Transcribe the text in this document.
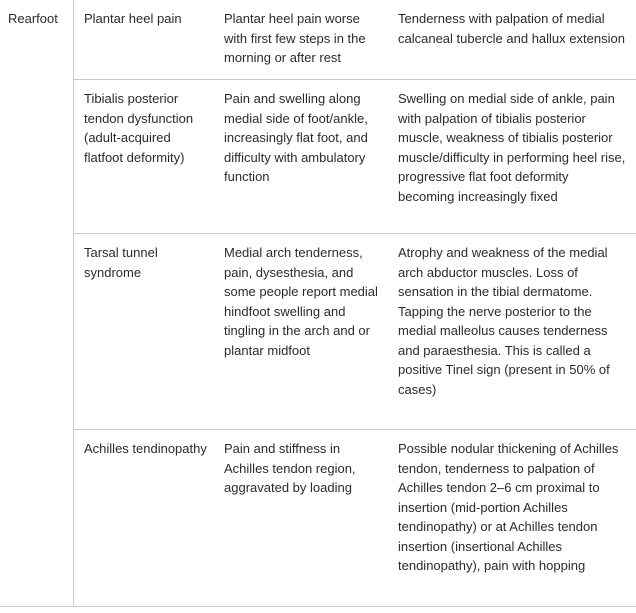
Rearfoot Plantar heel pain	Plantar heel pain worse with first few steps in the morning or after rest
Tenderness with palpation of medial calcaneal tubercle and hallux extension
Tibialis posterior tendon dysfunction (adult-acquired flatfoot deformity)
Pain and swelling along medial side of foot/ankle, increasingly flat foot, and difficulty with ambulatory function
Swelling on medial side of ankle, pain with palpation of tibialis posterior muscle, weakness of tibialis posterior muscle/difficulty in performing heel rise, progressive flat foot deformity becoming increasingly fixed
Tarsal tunnel syndrome
Medial arch tenderness, pain, dysesthesia, and some people report medial hindfoot swelling and tingling in the arch and or plantar midfoot
Atrophy and weakness of the medial arch abductor muscles. Loss of sensation in the tibial dermatome. Tapping the nerve posterior to the medial malleolus causes tenderness and paraesthesia. This is called a positive Tinel sign (present in 50% of cases)
Achilles tendinopathy Pain and stiffness in Achilles tendon region, aggravated by loading
Possible nodular thickening of Achilles tendon, tenderness to palpation of Achilles tendon 2–6 cm proximal to insertion (mid-portion Achilles tendinopathy) or at Achilles tendon insertion (insertional Achilles tendinopathy), pain with hopping
